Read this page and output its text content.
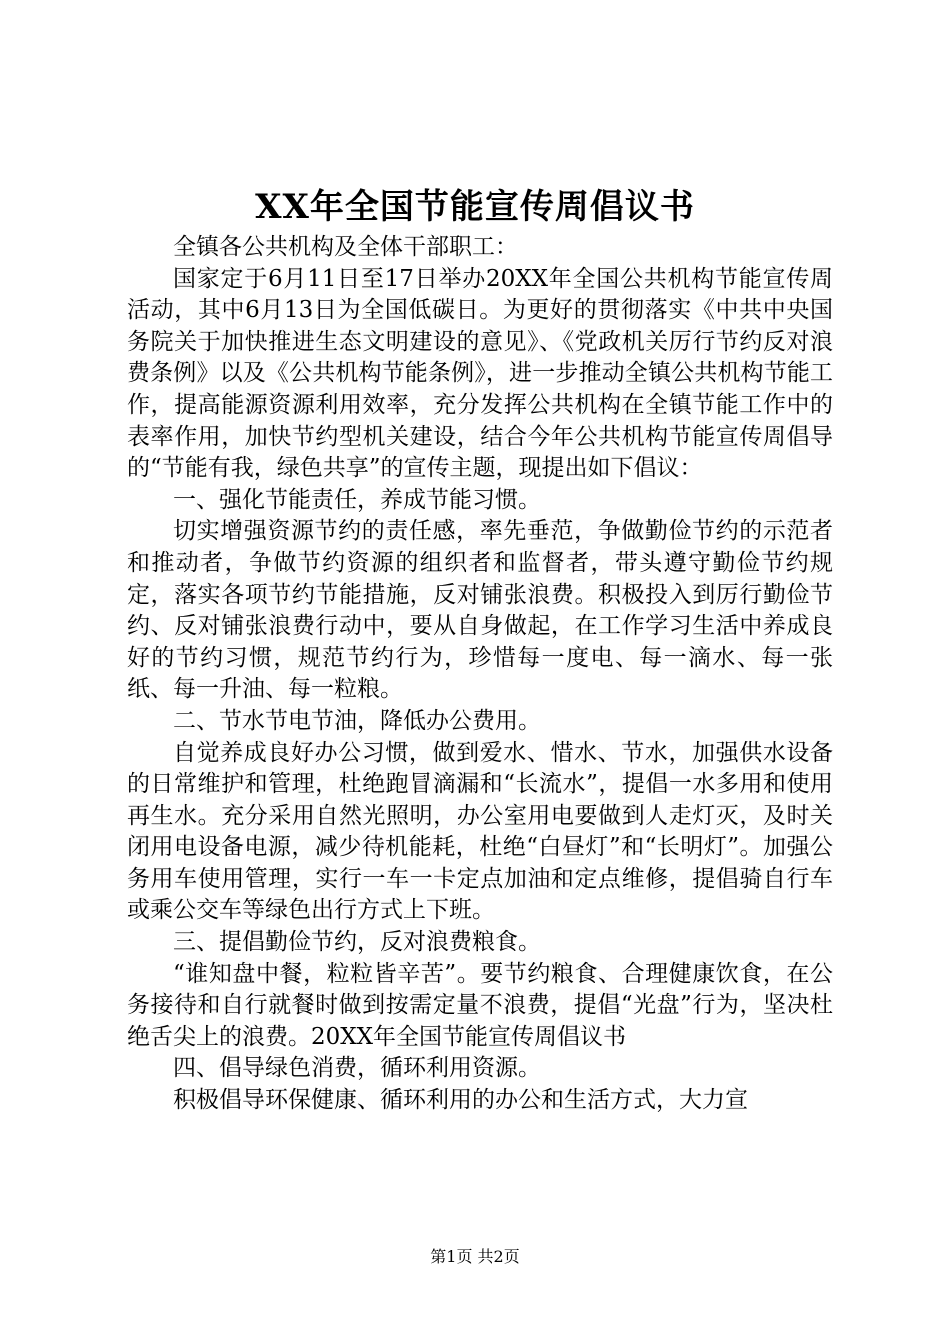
XX年全国节能宣传周倡议书

全镇各公共机构及全体干部职工：

国家定于6月11日至17日举办20XX年全国公共机构节能宣传周活动，其中6月13日为全国低碳日。为更好的贯彻落实《中共中央国务院关于加快推进生态文明建设的意见》、《党政机关厉行节约反对浪费条例》以及《公共机构节能条例》，进一步推动全镇公共机构节能工作，提高能源资源利用效率，充分发挥公共机构在全镇节能工作中的表率作用，加快节约型机关建设，结合今年公共机构节能宣传周倡导的“节能有我，绿色共享”的宣传主题，现提出如下倡议：

一、强化节能责任，养成节能习惯。

切实增强资源节约的责任感，率先垂范，争做勤俭节约的示范者和推动者，争做节约资源的组织者和监督者，带头遵守勤俭节约规定，落实各项节约节能措施，反对铺张浪费。积极投入到厉行勤俭节约、反对铺张浪费行动中，要从自身做起，在工作学习生活中养成良好的节约习惯，规范节约行为，珍惜每一度电、每一滴水、每一张纸、每一升油、每一粒粮。

二、节水节电节油，降低办公费用。

自觉养成良好办公习惯，做到爱水、惜水、节水，加强供水设备的日常维护和管理，杜绝跑冒滴漏和“长流水”，提倡一水多用和使用再生水。充分采用自然光照明，办公室用电要做到人走灯灭，及时关闭用电设备电源，减少待机能耗，杜绝“白昼灯”和“长明灯”。加强公务用车使用管理，实行一车一卡定点加油和定点维修，提倡骑自行车或乘公交车等绿色出行方式上下班。

三、提倡勤俭节约，反对浪费粮食。

“谁知盘中餐，粒粒皆辛苦”。要节约粮食、合理健康饮食，在公务接待和自行就餐时做到按需定量不浪费，提倡“光盘”行为，坚决杜绝舌尖上的浪费。20XX年全国节能宣传周倡议书

四、倡导绿色消费，循环利用资源。

积极倡导环保健康、循环利用的办公和生活方式，大力宣

第1页 共2页
